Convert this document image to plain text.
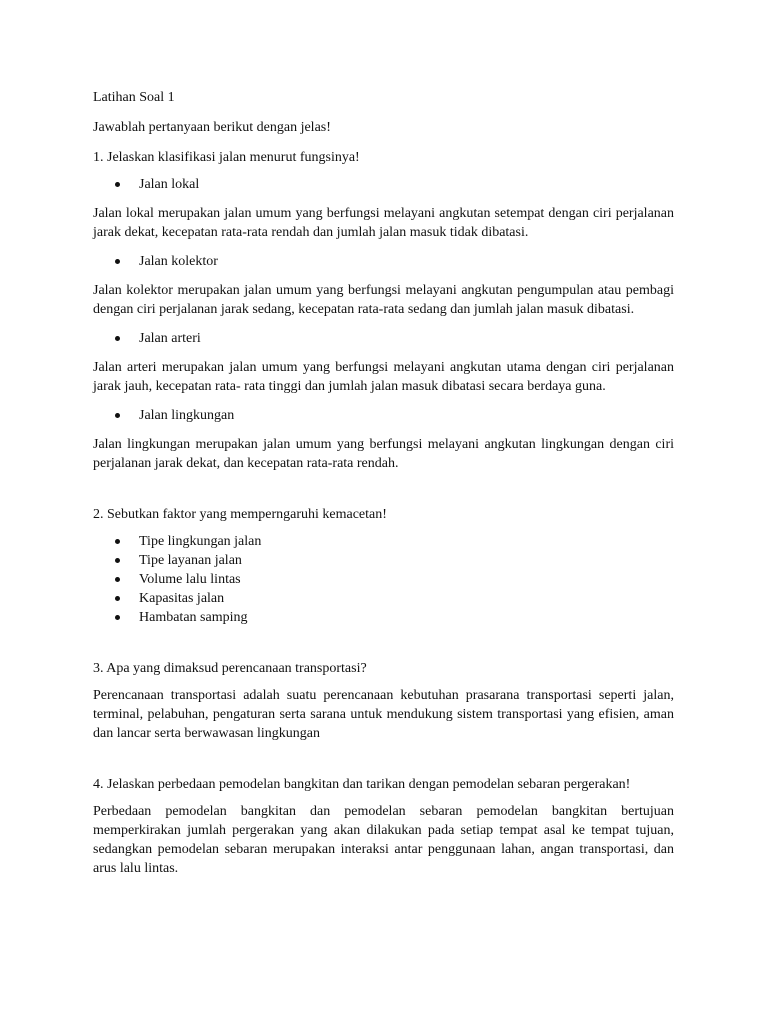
Latihan Soal 1

Jawablah pertanyaan berikut dengan jelas!

1. Jelaskan klasifikasi jalan menurut fungsinya!

Jalan lokal

Jalan lokal merupakan jalan umum yang berfungsi melayani angkutan setempat dengan ciri perjalanan jarak dekat, kecepatan rata-rata rendah dan jumlah jalan masuk tidak dibatasi.

Jalan kolektor

Jalan kolektor merupakan jalan umum yang berfungsi melayani angkutan pengumpulan atau pembagi dengan ciri perjalanan jarak sedang, kecepatan rata-rata sedang dan jumlah jalan masuk dibatasi.

Jalan arteri

Jalan arteri merupakan jalan umum yang berfungsi melayani angkutan utama dengan ciri perjalanan jarak jauh, kecepatan rata- rata tinggi dan jumlah jalan masuk dibatasi secara berdaya guna.

Jalan lingkungan

Jalan lingkungan merupakan jalan umum yang berfungsi melayani angkutan lingkungan dengan ciri perjalanan jarak dekat, dan kecepatan rata-rata rendah.

2. Sebutkan faktor yang memperngaruhi kemacetan!

Tipe lingkungan jalan
Tipe layanan jalan
Volume lalu lintas
Kapasitas jalan
Hambatan samping

3. Apa yang dimaksud perencanaan transportasi?

Perencanaan transportasi adalah suatu perencanaan kebutuhan prasarana transportasi seperti jalan, terminal, pelabuhan, pengaturan serta sarana untuk mendukung sistem transportasi yang efisien, aman dan lancar serta berwawasan lingkungan

4. Jelaskan perbedaan pemodelan bangkitan dan tarikan dengan pemodelan sebaran pergerakan!

Perbedaan pemodelan bangkitan dan pemodelan sebaran pemodelan bangkitan bertujuan memperkirakan jumlah pergerakan yang akan dilakukan pada setiap tempat asal ke tempat tujuan, sedangkan pemodelan sebaran merupakan interaksi antar penggunaan lahan, angan transportasi, dan arus lalu lintas.
